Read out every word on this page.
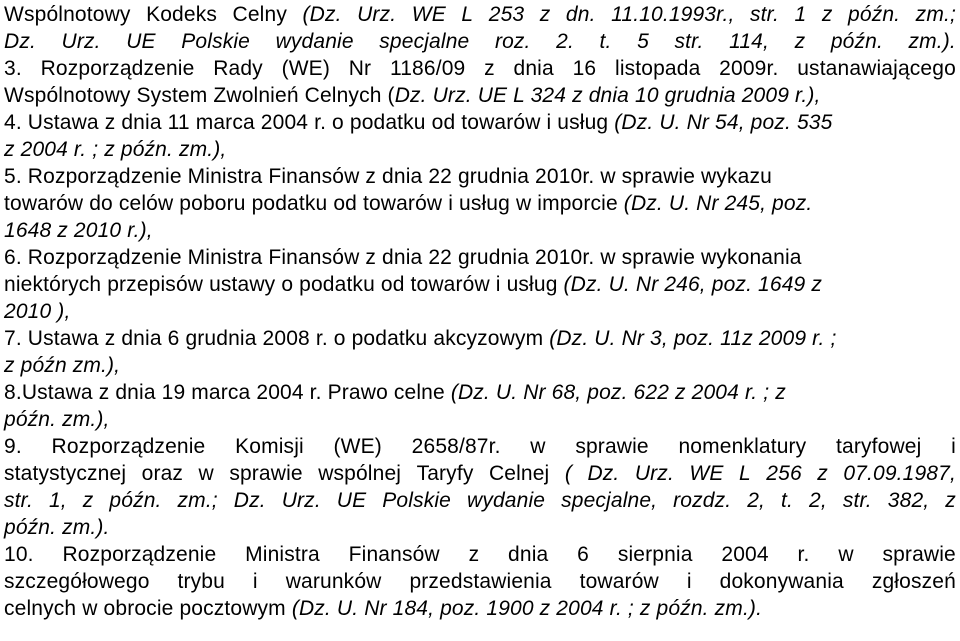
Wspólnotowy Kodeks Celny (Dz. Urz. WE L 253 z dn. 11.10.1993r., str. 1 z późn. zm.;
Dz. Urz. UE Polskie wydanie specjalne roz. 2. t. 5 str. 114, z późn. zm.).
3. Rozporządzenie Rady (WE) Nr 1186/09 z dnia 16 listopada 2009r. ustanawiającego
Wspólnotowy System Zwolnień Celnych (Dz. Urz. UE L 324 z dnia 10 grudnia 2009 r.),
4. Ustawa z dnia 11 marca 2004 r. o podatku od towarów i usług (Dz. U. Nr 54, poz. 535
z 2004 r. ; z późn. zm.),
5. Rozporządzenie Ministra Finansów z dnia 22 grudnia 2010r. w sprawie wykazu
towarów do celów poboru podatku od towarów i usług w imporcie (Dz. U. Nr 245, poz.
1648 z 2010 r.),
6. Rozporządzenie Ministra Finansów z dnia 22 grudnia 2010r. w sprawie wykonania
niektórych przepisów ustawy o podatku od towarów i usług (Dz. U. Nr 246, poz. 1649 z
2010 ),
7. Ustawa z dnia 6 grudnia 2008 r. o podatku akcyzowym (Dz. U. Nr 3, poz. 11z 2009 r. ;
z późn zm.),
8.Ustawa z dnia 19 marca 2004 r. Prawo celne (Dz. U. Nr 68, poz. 622 z 2004 r. ; z
późn. zm.),
9. Rozporządzenie Komisji (WE) 2658/87r. w sprawie nomenklatury taryfowej i
statystycznej oraz w sprawie wspólnej Taryfy Celnej ( Dz. Urz. WE L 256 z 07.09.1987,
str. 1, z późn. zm.; Dz. Urz. UE Polskie wydanie specjalne, rozdz. 2, t. 2, str. 382, z
późn. zm.).
10. Rozporządzenie Ministra Finansów z dnia 6 sierpnia 2004 r. w sprawie
szczegółowego trybu i warunków przedstawienia towarów i dokonywania zgłoszeń
celnych w obrocie pocztowym (Dz. U. Nr 184, poz. 1900 z 2004 r. ; z późn. zm.).
